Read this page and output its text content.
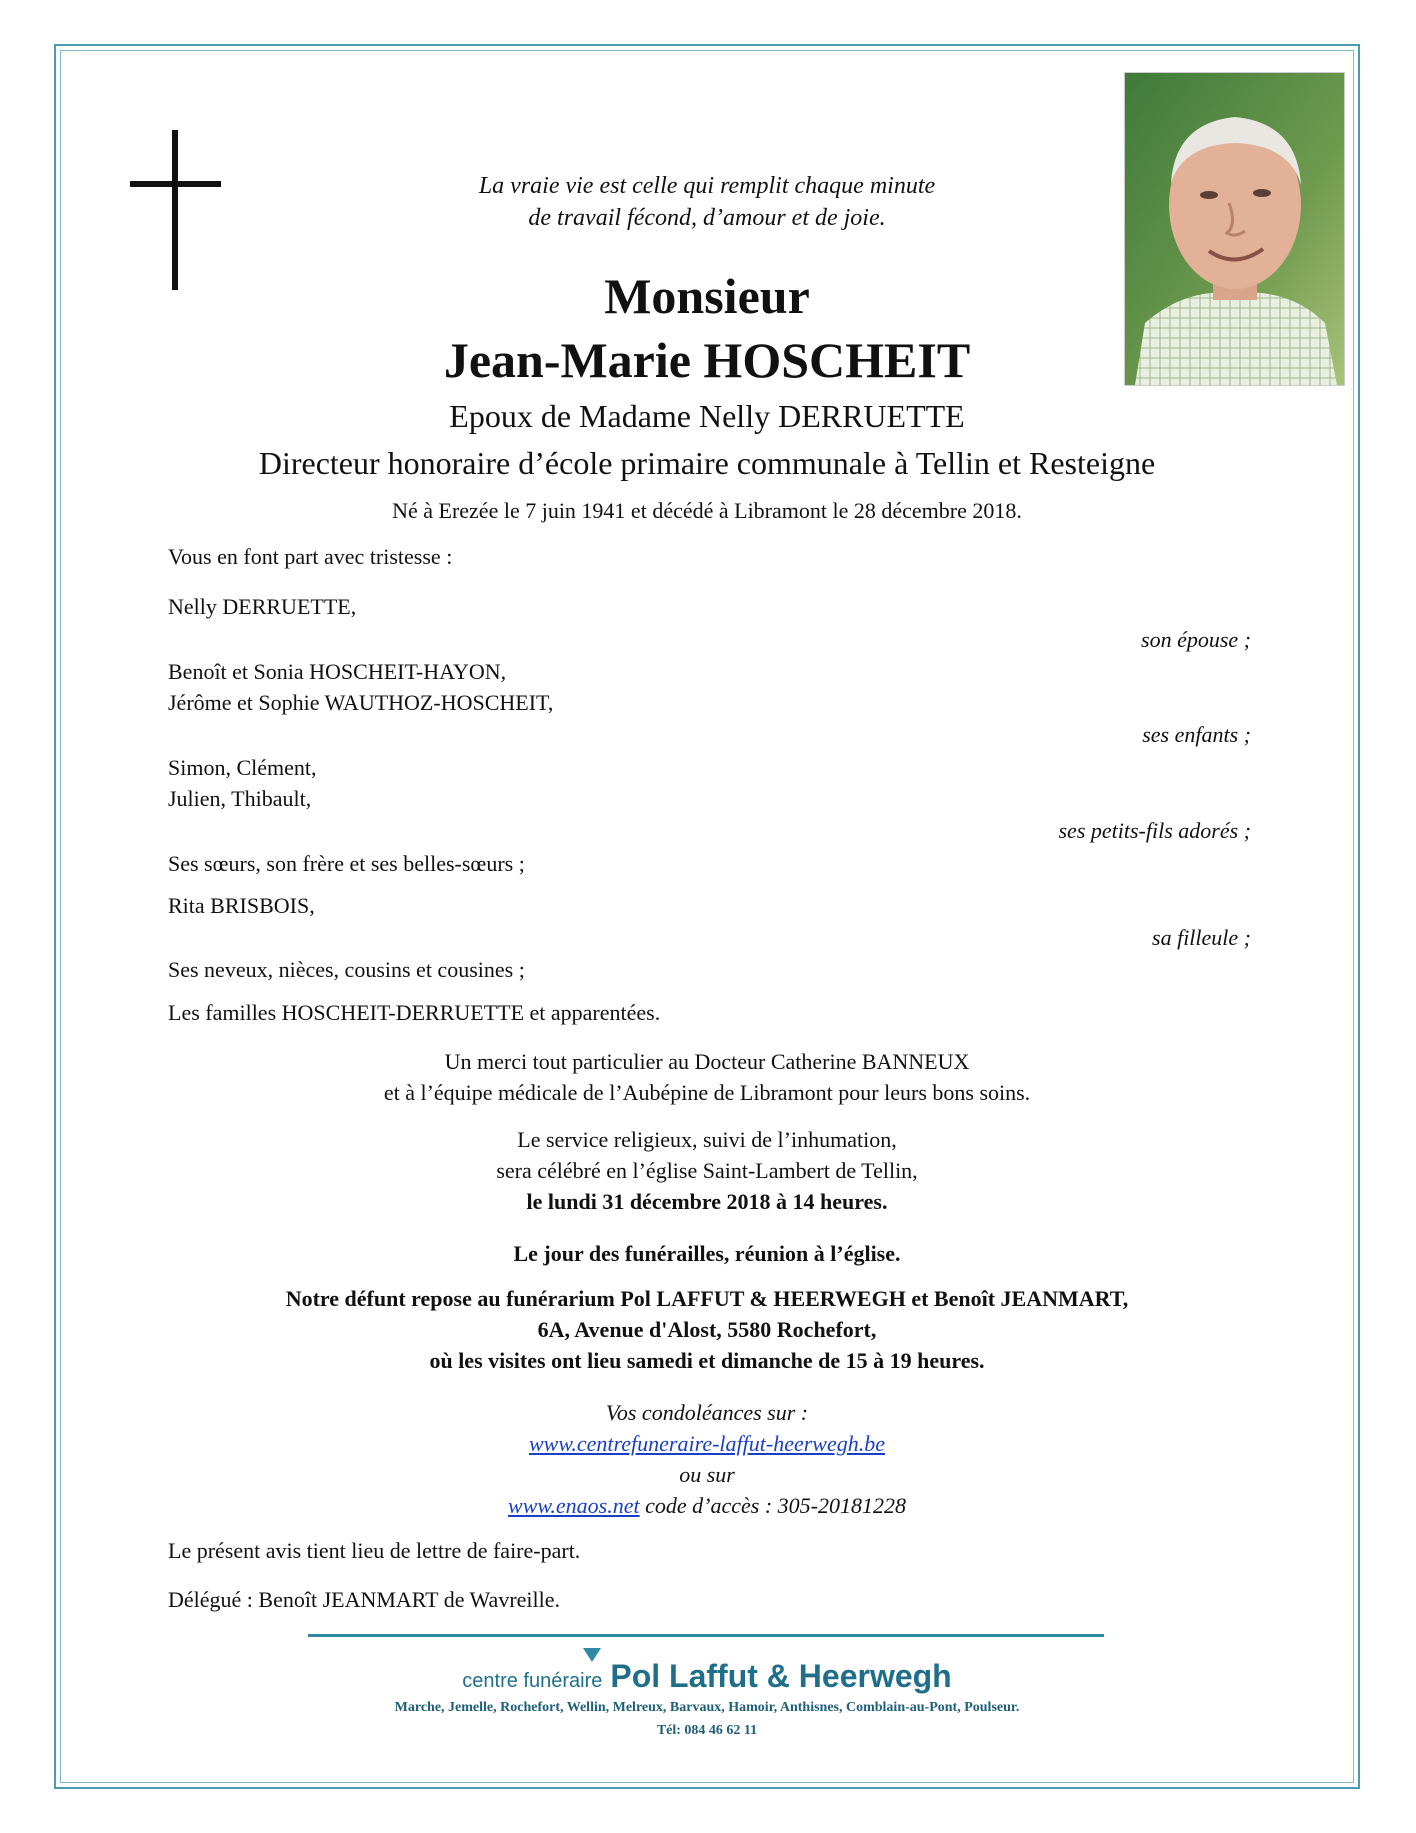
La vraie vie est celle qui remplit chaque minute
de travail fécond, d’amour et de joie.
Monsieur
Jean-Marie HOSCHEIT
Epoux de Madame Nelly DERRUETTE
Directeur honoraire d’école primaire communale à Tellin et Resteigne
Né à Erezée le 7 juin 1941 et décédé à Libramont le 28 décembre 2018.
Vous en font part avec tristesse :
Nelly DERRUETTE,
son épouse ;
Benoît et Sonia HOSCHEIT-HAYON,
Jérôme et Sophie WAUTHOZ-HOSCHEIT,
ses enfants ;
Simon, Clément,
Julien, Thibault,
ses petits-fils adorés ;
Ses sœurs, son frère et ses belles-sœurs ;
Rita BRISBOIS,
sa filleule ;
Ses neveux, nièces, cousins et cousines ;
Les familles HOSCHEIT-DERRUETTE et apparentées.
Un merci tout particulier au Docteur Catherine BANNEUX
et à l’équipe médicale de l’Aubépine de Libramont pour leurs bons soins.
Le service religieux, suivi de l’inhumation,
sera célébré en l’église Saint-Lambert de Tellin,
le lundi 31 décembre 2018 à 14 heures.
Le jour des funérailles, réunion à l’église.
Notre défunt repose au funérarium Pol LAFFUT & HEERWEGH et Benoît JEANMART,
6A, Avenue d'Alost, 5580 Rochefort,
où les visites ont lieu samedi et dimanche de 15 à 19 heures.
Vos condoléances sur :
www.centrefuneraire-laffut-heerwegh.be
ou sur
www.enaos.net code d’accès : 305-20181228
Le présent avis tient lieu de lettre de faire-part.
Délégué : Benoît JEANMART de Wavreille.
centre funéraire Pol Laffut & Heerwegh
Marche, Jemelle, Rochefort, Wellin, Melreux, Barvaux, Hamoir, Anthisnes, Comblain-au-Pont, Poulseur.
Tél: 084 46 62 11
